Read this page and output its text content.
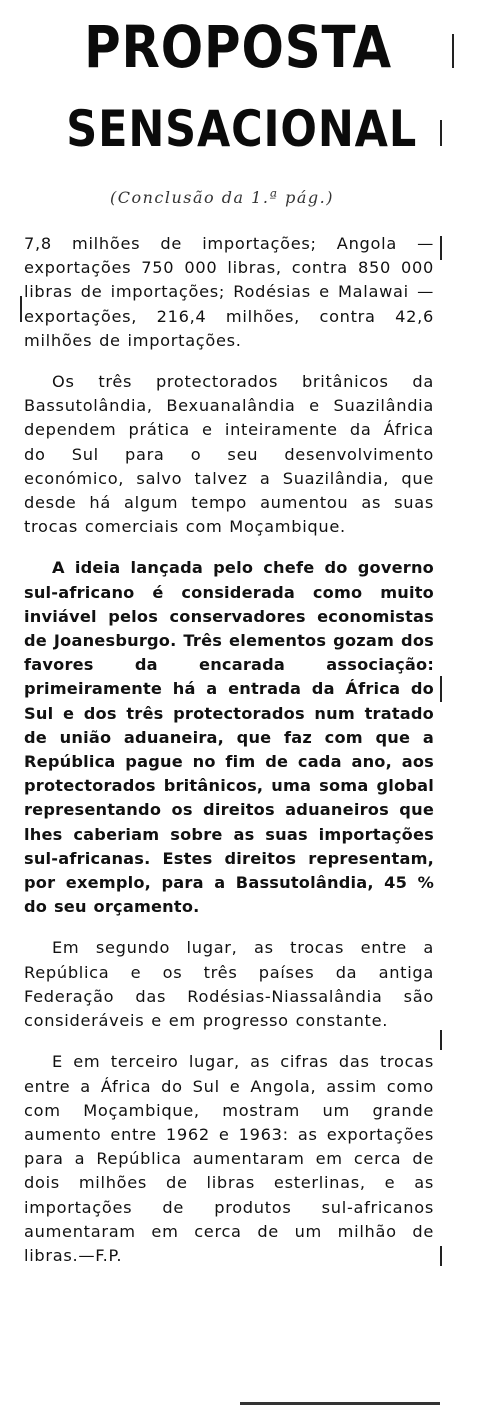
PROPOSTA
SENSACIONAL

(Conclusão da 1.ª pág.)

7,8 milhões de importações; Angola — exportações 750 000 libras, contra 850 000 libras de importações; Rodésias e Malawai — exportações, 216,4 milhões, contra 42,6 milhões de importações.

Os três protectorados britânicos da Bassutolândia, Bexuanalândia e Suazilândia dependem prática e inteiramente da África do Sul para o seu desenvolvimento económico, salvo talvez a Suazilândia, que desde há algum tempo aumentou as suas trocas comerciais com Moçambique.

A ideia lançada pelo chefe do governo sul-africano é considerada como muito inviável pelos conservadores economistas de Joanesburgo. Três elementos gozam dos favores da encarada associação: primeiramente há a entrada da África do Sul e dos três protectorados num tratado de união aduaneira, que faz com que a República pague no fim de cada ano, aos protectorados britânicos, uma soma global representando os direitos aduaneiros que lhes caberiam sobre as suas importações sul-africanas. Estes direitos representam, por exemplo, para a Bassutolândia, 45 % do seu orçamento.

Em segundo lugar, as trocas entre a República e os três países da antiga Federação das Rodésias-Niassalândia são consideráveis e em progresso constante.

E em terceiro lugar, as cifras das trocas entre a África do Sul e Angola, assim como com Moçambique, mostram um grande aumento entre 1962 e 1963: as exportações para a República aumentaram em cerca de dois milhões de libras esterlinas, e as importações de produtos sul-africanos aumentaram em cerca de um milhão de libras.—F.P.
